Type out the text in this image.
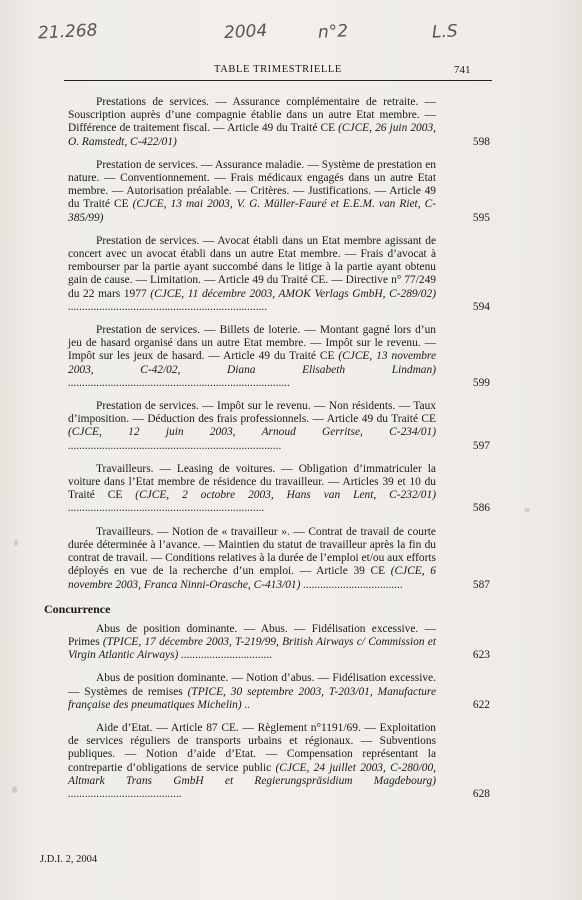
21.268	2004	n°2	L.S
TABLE TRIMESTRIELLE	741
Prestations de services. — Assurance complémentaire de retraite. — Souscription auprès d’une compagnie établie dans un autre Etat membre. — Différence de traitement fiscal. — Article 49 du Traité CE (CJCE, 26 juin 2003, O. Ramstedt, C-422/01)	598
Prestation de services. — Assurance maladie. — Système de prestation en nature. — Conventionnement. — Frais médicaux engagés dans un autre Etat membre. — Autorisation préalable. — Critères. — Justifications. — Article 49 du Traité CE (CJCE, 13 mai 2003, V. G. Müller-Fauré et E.E.M. van Riet, C-385/99)	595
Prestation de services. — Avocat établi dans un Etat membre agissant de concert avec un avocat établi dans un autre Etat membre. — Frais d’avocat à rembourser par la partie ayant succombé dans le litige à la partie ayant obtenu gain de cause. — Limitation. — Article 49 du Traité CE. — Directive n° 77/249 du 22 mars 1977 (CJCE, 11 décembre 2003, AMOK Verlags GmbH, C-289/02) ......................................................................	594
Prestation de services. — Billets de loterie. — Montant gagné lors d’un jeu de hasard organisé dans un autre Etat membre. — Impôt sur le revenu. — Impôt sur les jeux de hasard. — Article 49 du Traité CE (CJCE, 13 novembre 2003, C-42/02, Diana Elisabeth Lindman) ..............................................................................	599
Prestation de services. — Impôt sur le revenu. — Non résidents. — Taux d’imposition. — Déduction des frais professionnels. — Article 49 du Traité CE (CJCE, 12 juin 2003, Arnoud Gerritse, C-234/01) ...........................................................................	597
Travailleurs. — Leasing de voitures. — Obligation d’immatriculer la voiture dans l’Etat membre de résidence du travailleur. — Articles 39 et 10 du Traité CE (CJCE, 2 octobre 2003, Hans van Lent, C-232/01) .....................................................................	586
Travailleurs. — Notion de « travailleur ». — Contrat de travail de courte durée déterminée à l’avance. — Maintien du statut de travailleur après la fin du contrat de travail. — Conditions relatives à la durée de l’emploi et/ou aux efforts déployés en vue de la recherche d’un emploi. — Article 39 CE (CJCE, 6 novembre 2003, Franca Ninni-Orasche, C-413/01) ...................................	587
Concurrence
Abus de position dominante. — Abus. — Fidélisation excessive. — Primes (TPICE, 17 décembre 2003, T-219/99, British Airways c/ Commission et Virgin Atlantic Airways) ................................	623
Abus de position dominante. — Notion d’abus. — Fidélisation excessive. — Systèmes de remises (TPICE, 30 septembre 2003, T-203/01, Manufacture française des pneumatiques Michelin) ..	622
Aide d’Etat. — Article 87 CE. — Règlement n°1191/69. — Exploitation de services réguliers de transports urbains et régionaux. — Subventions publiques. — Notion d’aide d’Etat. — Compensation représentant la contrepartie d’obligations de service public (CJCE, 24 juillet 2003, C-280/00, Altmark Trans GmbH et Regierungspräsidium Magdebourg) ........................................	628
J.D.I. 2, 2004
